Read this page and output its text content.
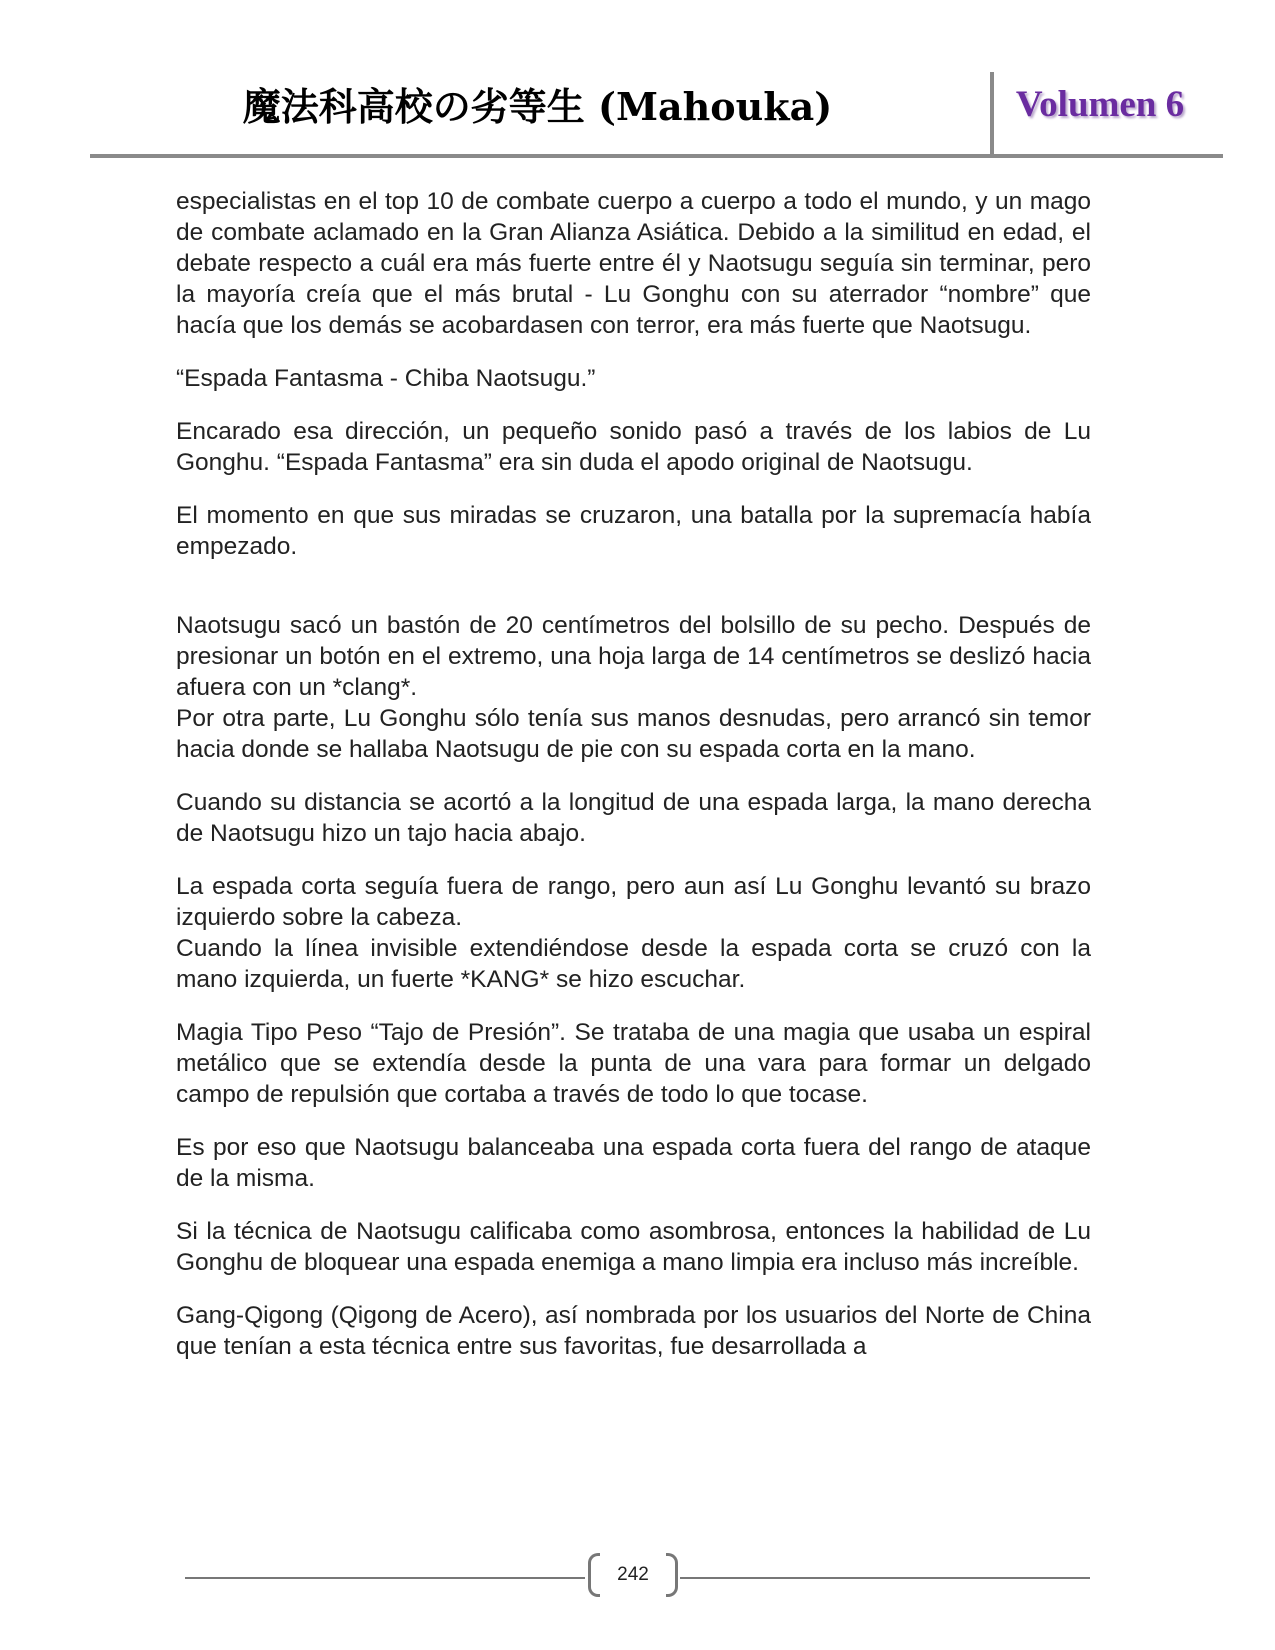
魔法科高校の劣等生 (Mahouka)	Volumen 6

especialistas en el top 10 de combate cuerpo a cuerpo a todo el mundo, y un mago de combate aclamado en la Gran Alianza Asiática. Debido a la similitud en edad, el debate respecto a cuál era más fuerte entre él y Naotsugu seguía sin terminar, pero la mayoría creía que el más brutal - Lu Gonghu con su aterrador “nombre” que hacía que los demás se acobardasen con terror, era más fuerte que Naotsugu.

“Espada Fantasma - Chiba Naotsugu.”

Encarado esa dirección, un pequeño sonido pasó a través de los labios de Lu Gonghu. “Espada Fantasma” era sin duda el apodo original de Naotsugu.

El momento en que sus miradas se cruzaron, una batalla por la supremacía había empezado.

Naotsugu sacó un bastón de 20 centímetros del bolsillo de su pecho. Después de presionar un botón en el extremo, una hoja larga de 14 centímetros se deslizó hacia afuera con un *clang*.

Por otra parte, Lu Gonghu sólo tenía sus manos desnudas, pero arrancó sin temor hacia donde se hallaba Naotsugu de pie con su espada corta en la mano.

Cuando su distancia se acortó a la longitud de una espada larga, la mano derecha de Naotsugu hizo un tajo hacia abajo.

La espada corta seguía fuera de rango, pero aun así Lu Gonghu levantó su brazo izquierdo sobre la cabeza.

Cuando la línea invisible extendiéndose desde la espada corta se cruzó con la mano izquierda, un fuerte *KANG* se hizo escuchar.

Magia Tipo Peso “Tajo de Presión”. Se trataba de una magia que usaba un espiral metálico que se extendía desde la punta de una vara para formar un delgado campo de repulsión que cortaba a través de todo lo que tocase.

Es por eso que Naotsugu balanceaba una espada corta fuera del rango de ataque de la misma.

Si la técnica de Naotsugu calificaba como asombrosa, entonces la habilidad de Lu Gonghu de bloquear una espada enemiga a mano limpia era incluso más increíble.

Gang-Qigong (Qigong de Acero), así nombrada por los usuarios del Norte de China que tenían a esta técnica entre sus favoritas, fue desarrollada a

242
